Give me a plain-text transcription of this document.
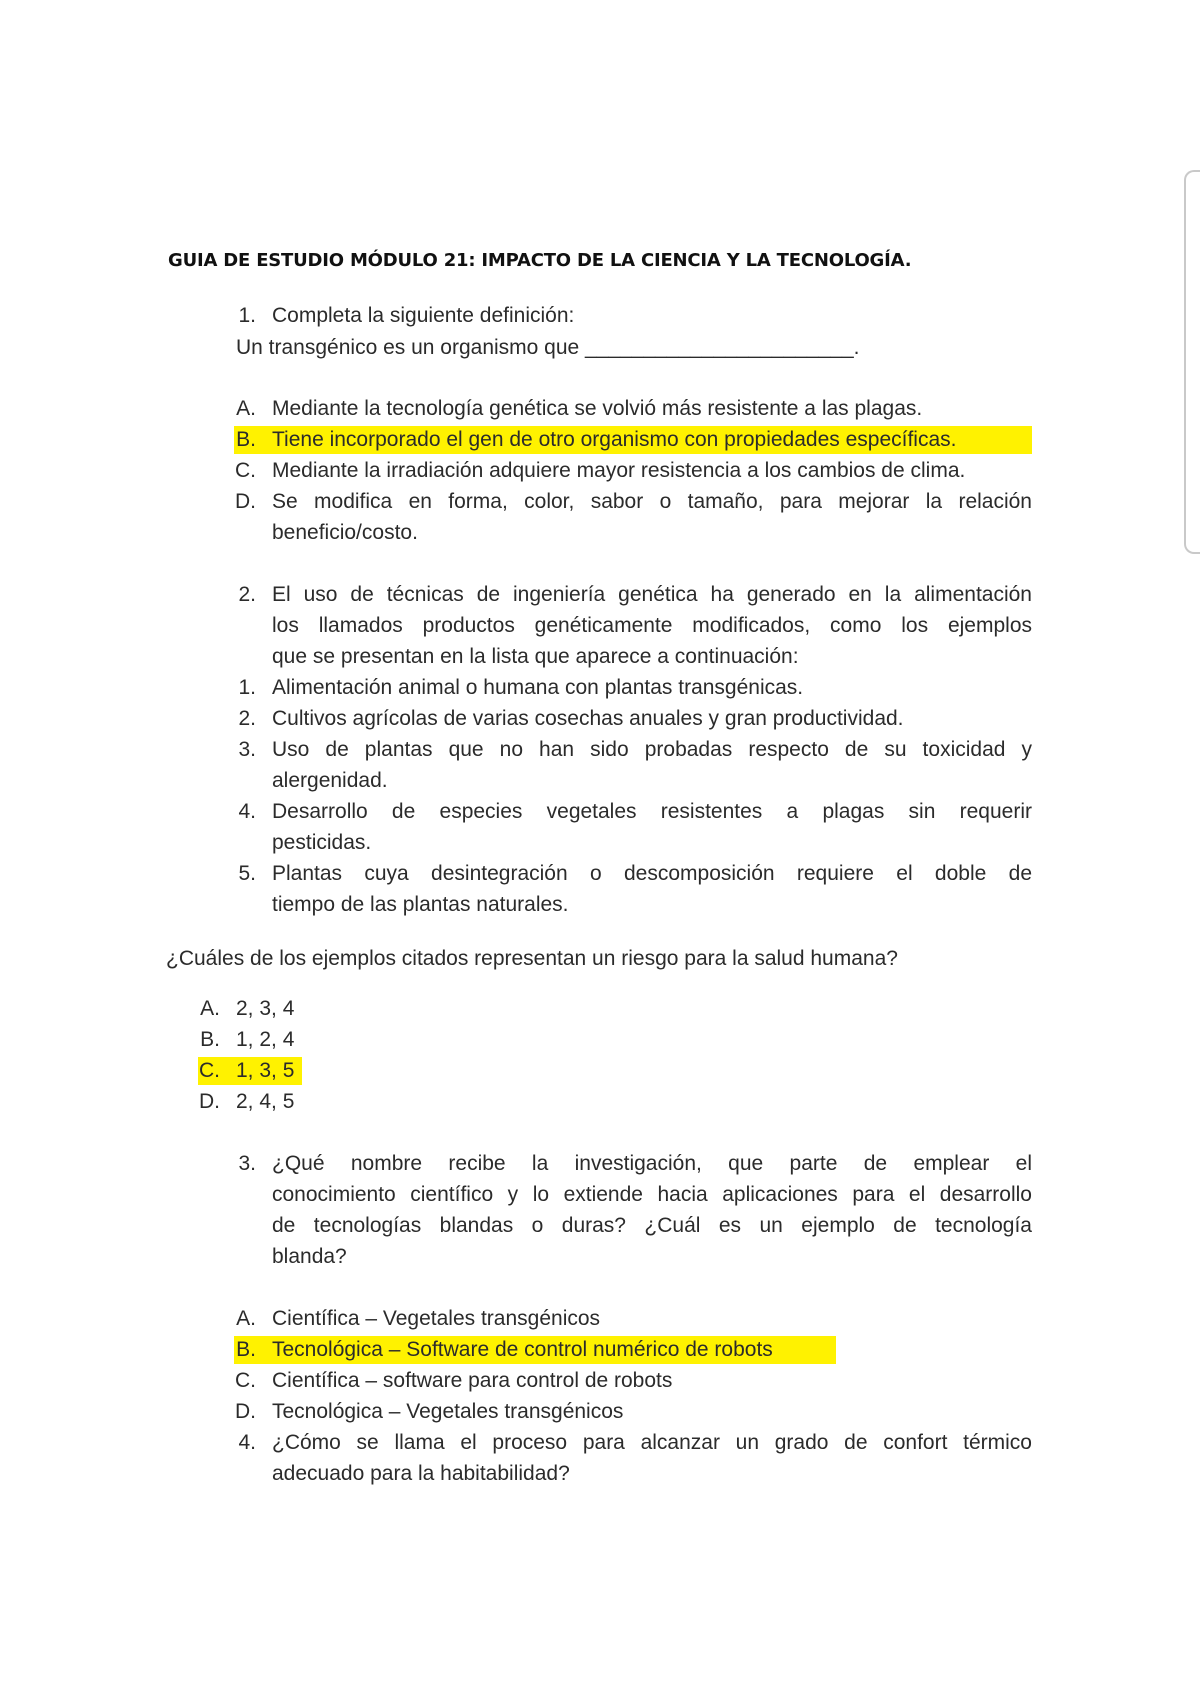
GUIA DE ESTUDIO MÓDULO 21: IMPACTO DE LA CIENCIA Y LA TECNOLOGÍA.
1. Completa la siguiente definición:
Un transgénico es un organismo que _______________________.
A. Mediante la tecnología genética se volvió más resistente a las plagas.
B. Tiene incorporado el gen de otro organismo con propiedades específicas.
C. Mediante la irradiación adquiere mayor resistencia a los cambios de clima.
D. Se modifica en forma, color, sabor o tamaño, para mejorar la relación
beneficio/costo.
2. El uso de técnicas de ingeniería genética ha generado en la alimentación
los llamados productos genéticamente modificados, como los ejemplos
que se presentan en la lista que aparece a continuación:
1. Alimentación animal o humana con plantas transgénicas.
2. Cultivos agrícolas de varias cosechas anuales y gran productividad.
3. Uso de plantas que no han sido probadas respecto de su toxicidad y
alergenidad.
4. Desarrollo de especies vegetales resistentes a plagas sin requerir
pesticidas.
5. Plantas cuya desintegración o descomposición requiere el doble de
tiempo de las plantas naturales.
¿Cuáles de los ejemplos citados representan un riesgo para la salud humana?
A. 2, 3, 4
B. 1, 2, 4
C. 1, 3, 5
D. 2, 4, 5
3. ¿Qué nombre recibe la investigación, que parte de emplear el
conocimiento científico y lo extiende hacia aplicaciones para el desarrollo
de tecnologías blandas o duras? ¿Cuál es un ejemplo de tecnología
blanda?
A. Científica – Vegetales transgénicos
B. Tecnológica – Software de control numérico de robots
C. Científica – software para control de robots
D. Tecnológica – Vegetales transgénicos
4. ¿Cómo se llama el proceso para alcanzar un grado de confort térmico
adecuado para la habitabilidad?
